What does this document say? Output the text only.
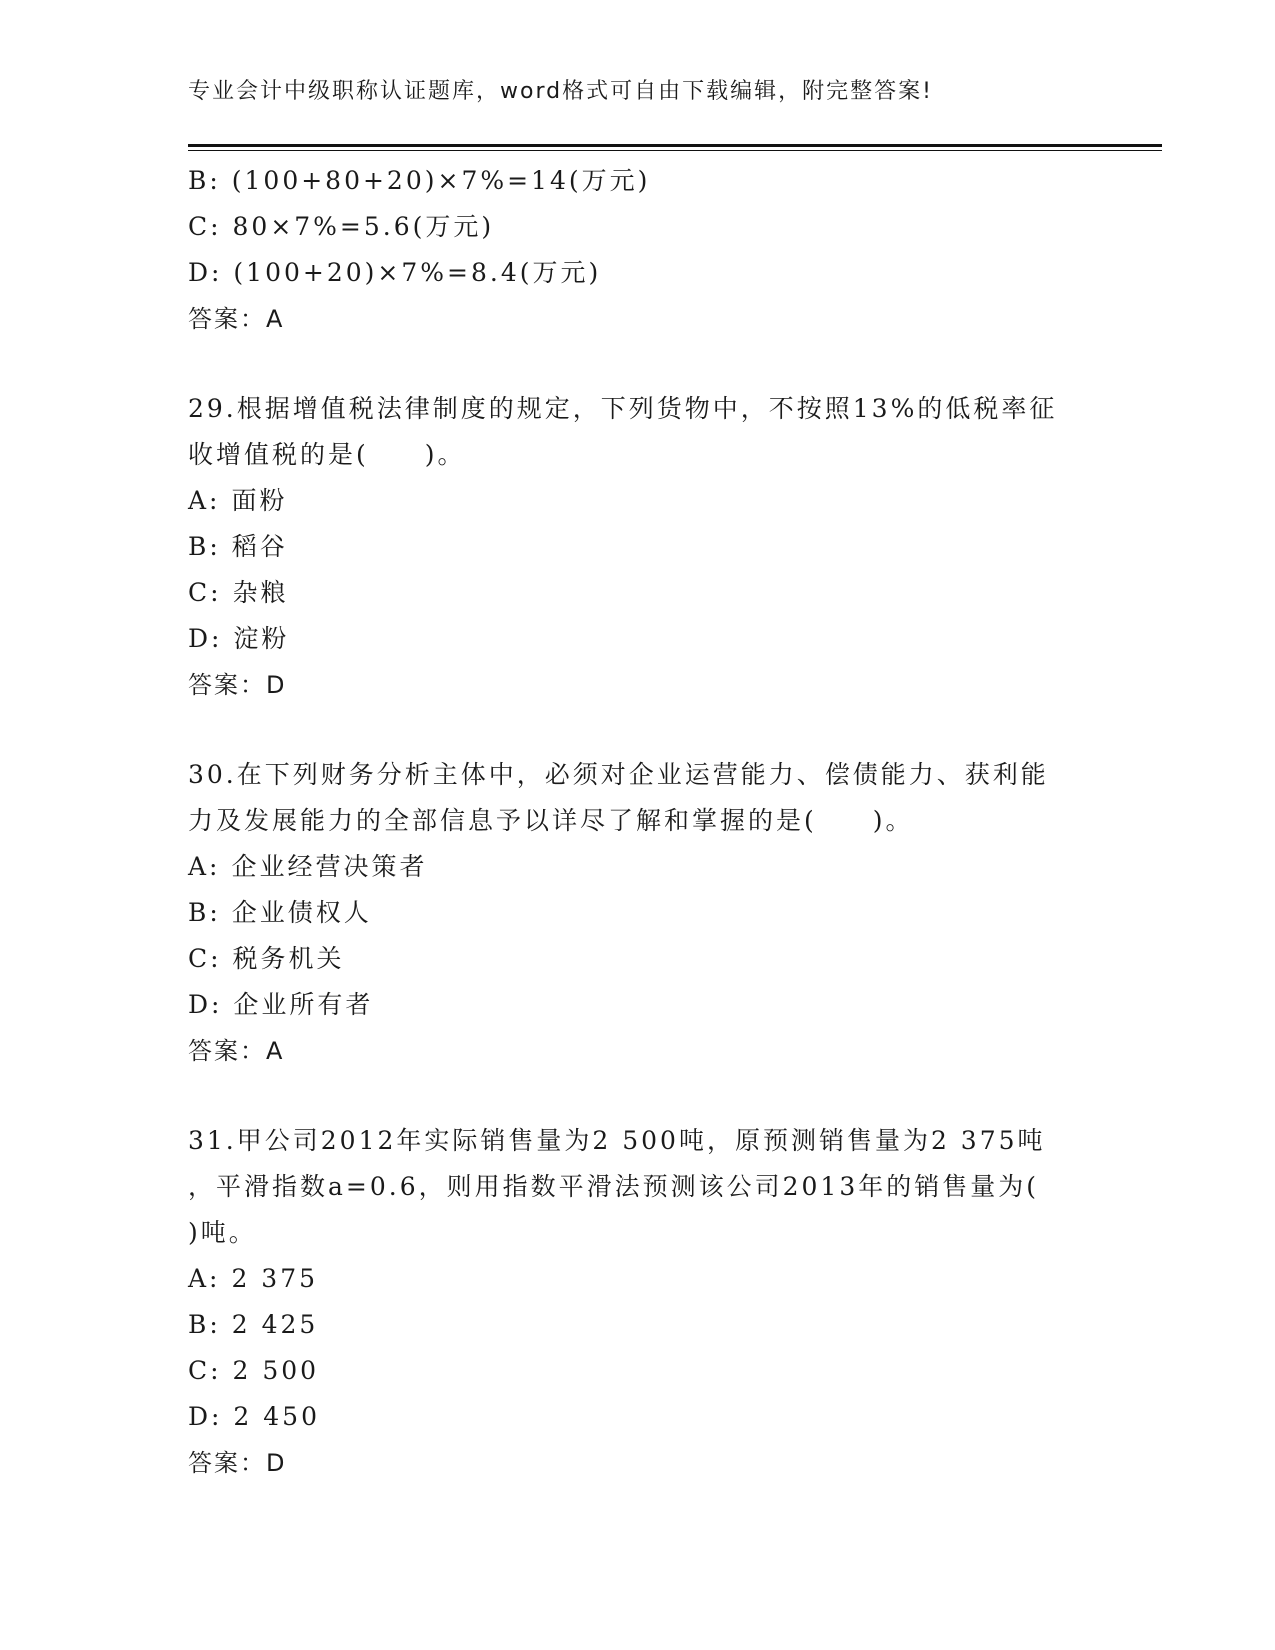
专业会计中级职称认证题库，word格式可自由下载编辑，附完整答案!

B: (100+80+20)×7%=14(万元)

C: 80×7%=5.6(万元)

D: (100+20)×7%=8.4(万元)

答案：A

29.根据增值税法律制度的规定，下列货物中，不按照13%的低税率征

收增值税的是(　　)。

A: 面粉

B: 稻谷

C: 杂粮

D: 淀粉

答案：D

30.在下列财务分析主体中，必须对企业运营能力、偿债能力、获利能

力及发展能力的全部信息予以详尽了解和掌握的是(　　)。

A: 企业经营决策者

B: 企业债权人

C: 税务机关

D: 企业所有者

答案：A

31.甲公司2012年实际销售量为2 500吨，原预测销售量为2 375吨

，平滑指数a=0.6，则用指数平滑法预测该公司2013年的销售量为(

)吨。

A: 2 375

B: 2 425

C: 2 500

D: 2 450

答案：D
